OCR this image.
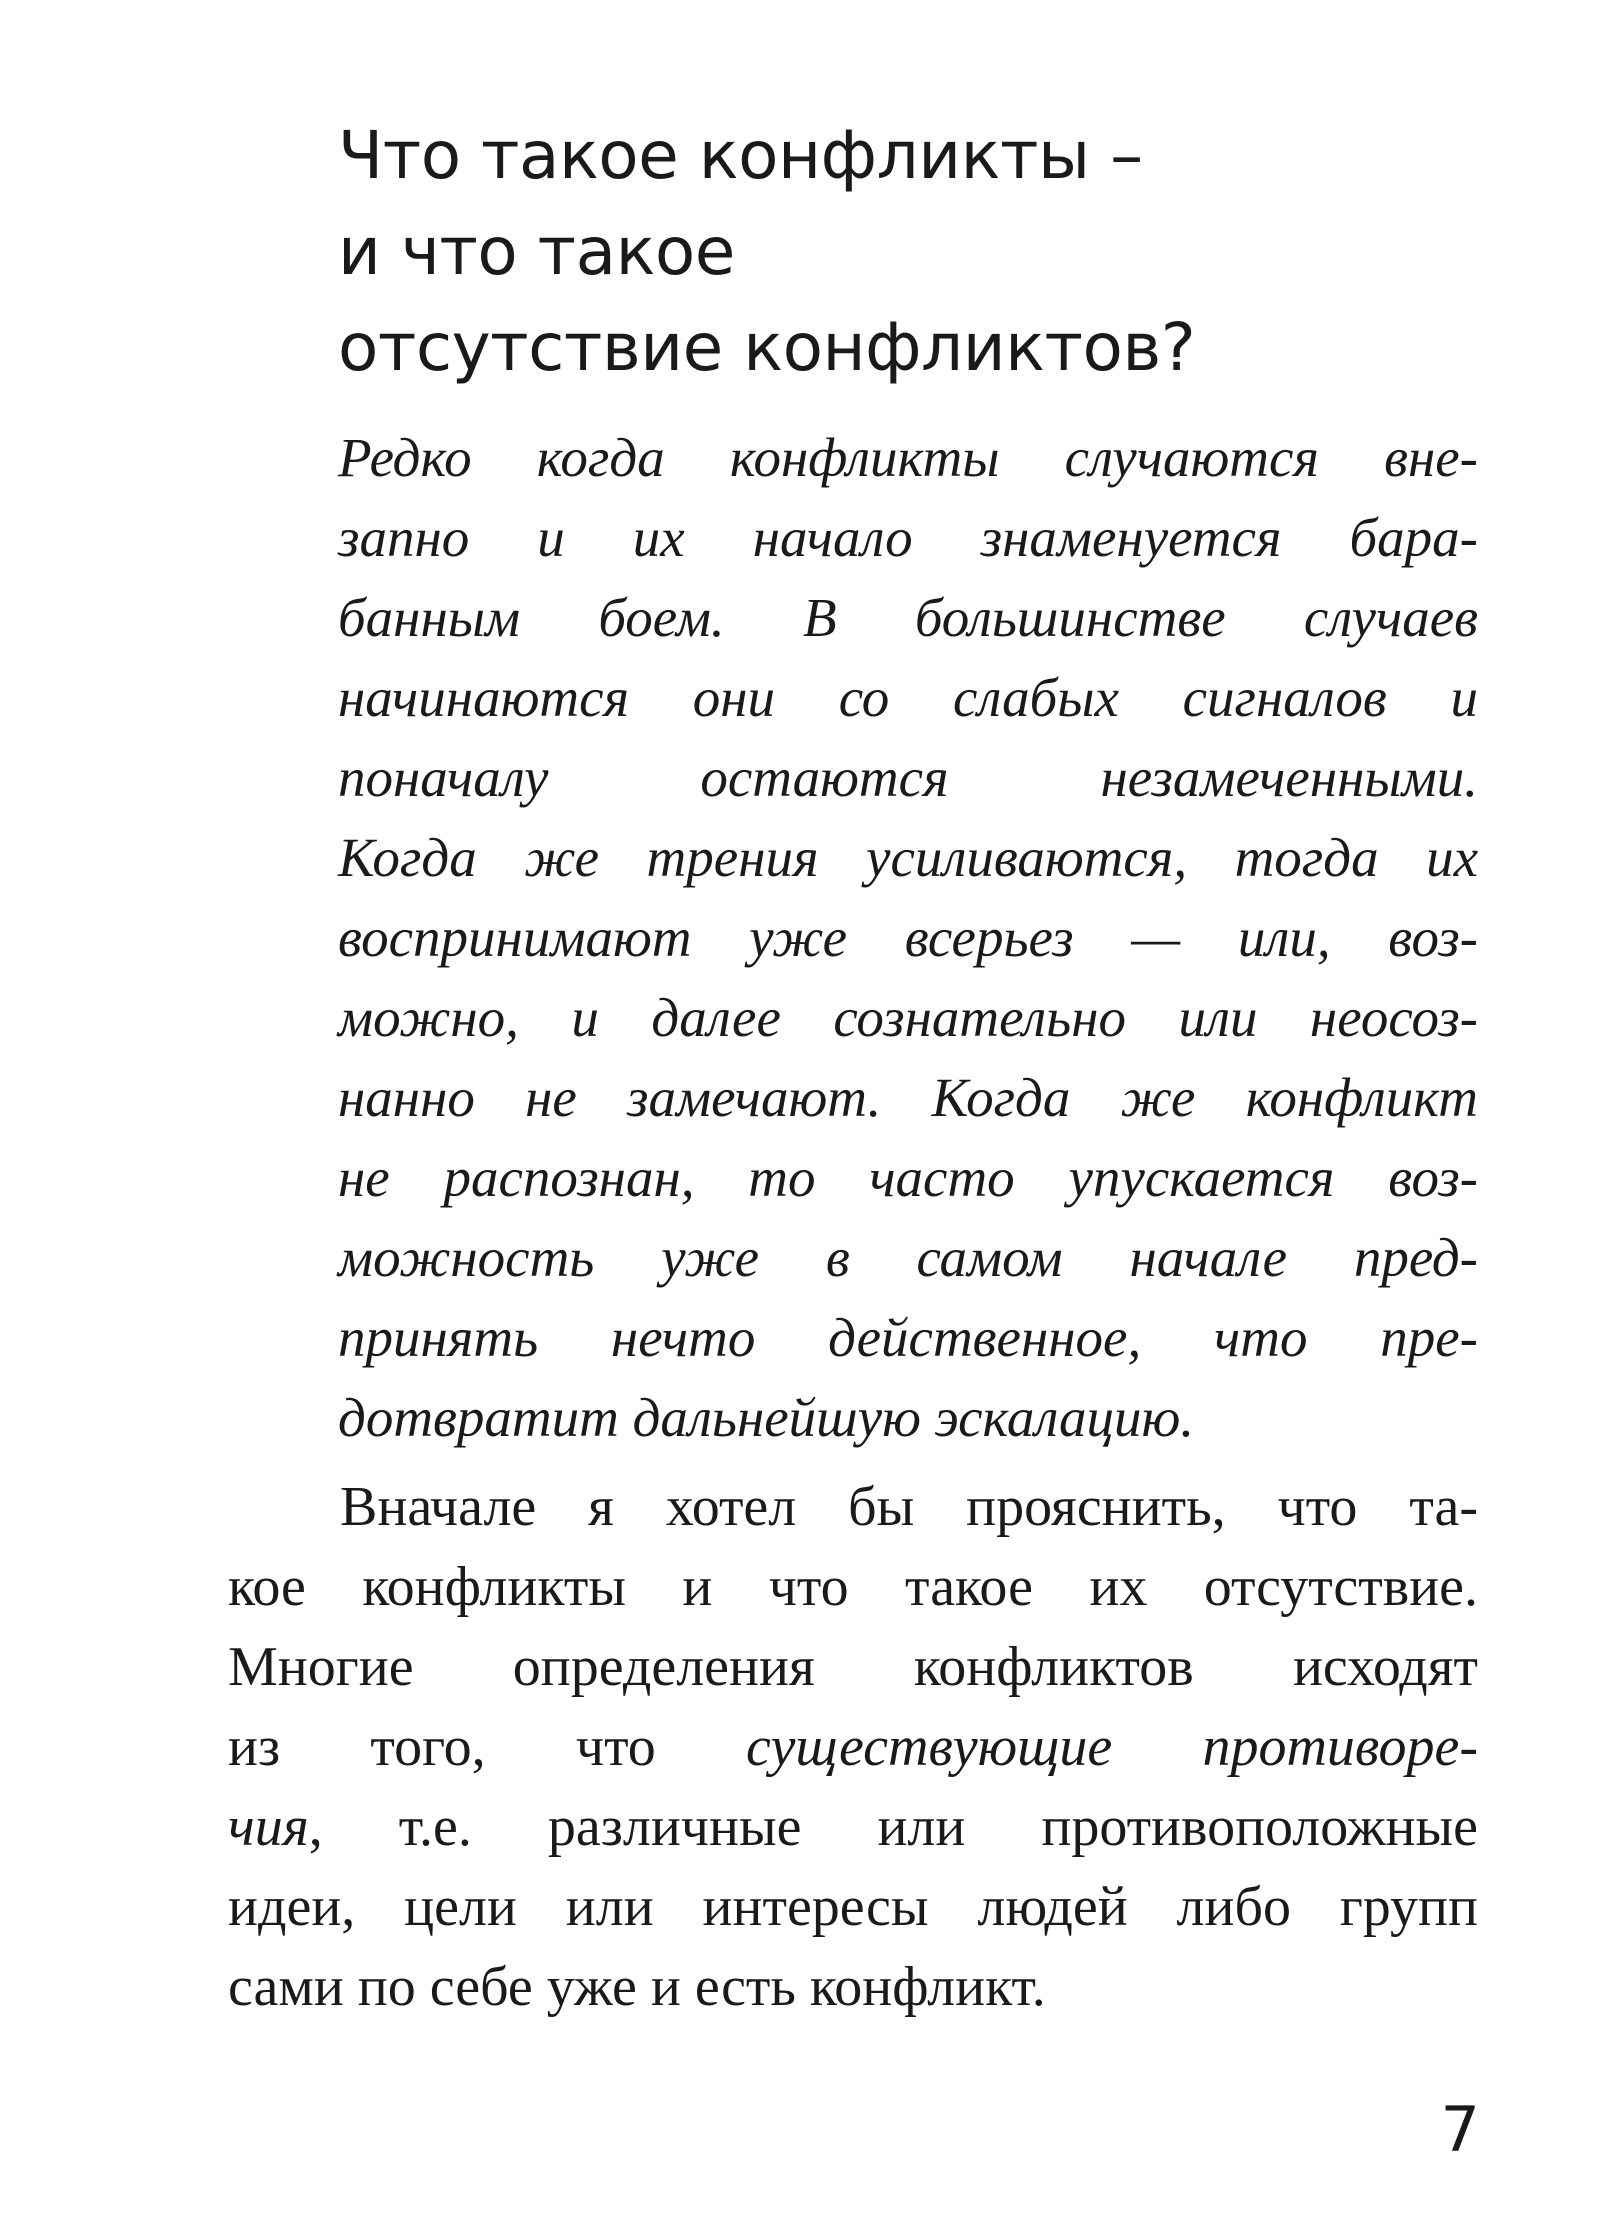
Что такое конфликты –
и что такое
отсутствие конфликтов?

Редко когда конфликты случаются вне-
запно и их начало знаменуется бара-
банным боем. В большинстве случаев
начинаются они со слабых сигналов и
поначалу остаются незамеченными.
Когда же трения усиливаются, тогда их
воспринимают уже всерьез — или, воз-
можно, и далее сознательно или неосоз-
нанно не замечают. Когда же конфликт
не распознан, то часто упускается воз-
можность уже в самом начале пред-
принять нечто действенное, что пре-
дотвратит дальнейшую эскалацию.

Вначале я хотел бы прояснить, что та-
кое конфликты и что такое их отсутствие.
Многие определения конфликтов исходят
из того, что существующие противоре-
чия, т.е. различные или противоположные
идеи, цели или интересы людей либо групп
сами по себе уже и есть конфликт.

7
